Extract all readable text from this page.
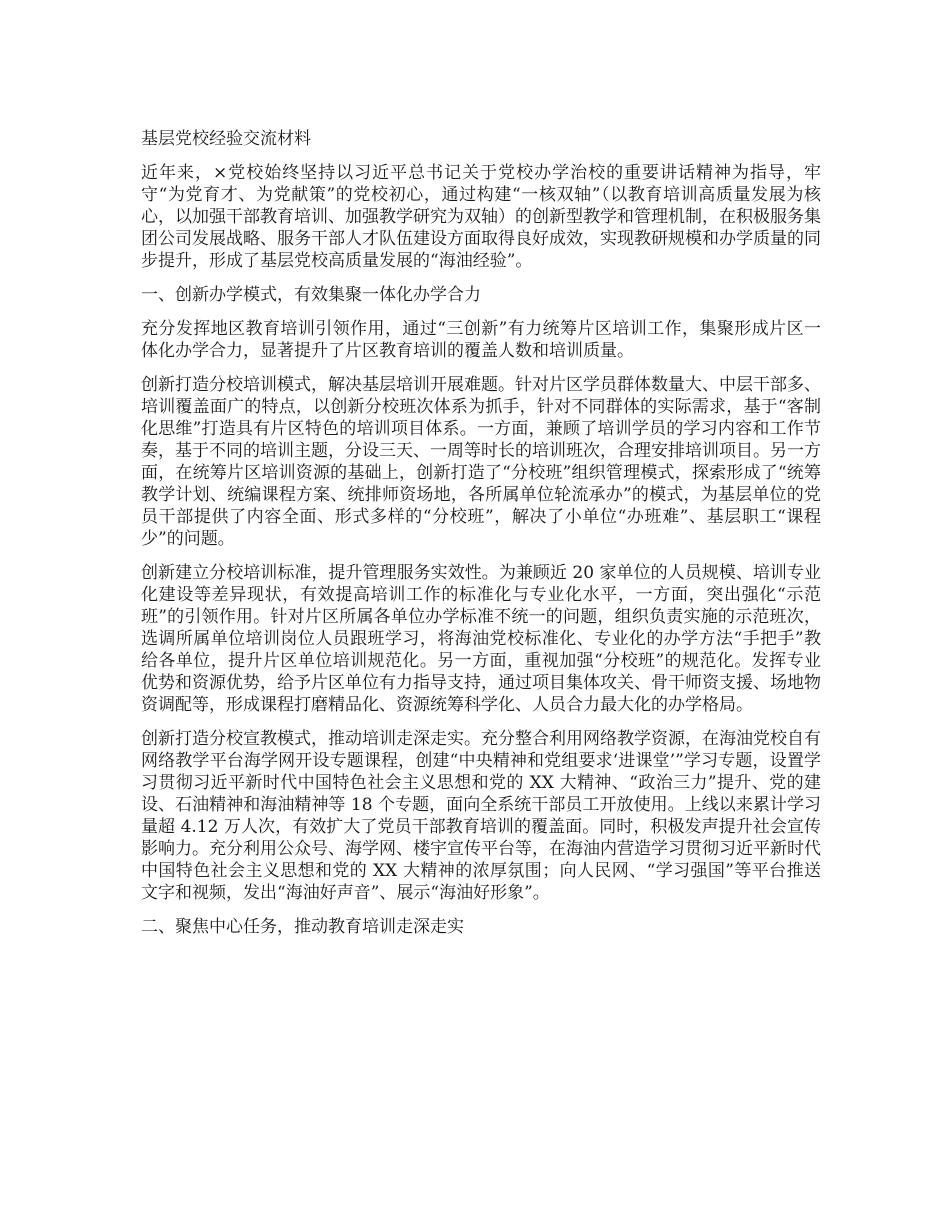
基层党校经验交流材料

近年来，×党校始终坚持以习近平总书记关于党校办学治校的重要讲话精神为指导，牢守“为党育才、为党献策”的党校初心，通过构建“一核双轴”（以教育培训高质量发展为核心，以加强干部教育培训、加强教学研究为双轴）的创新型教学和管理机制，在积极服务集团公司发展战略、服务干部人才队伍建设方面取得良好成效，实现教研规模和办学质量的同步提升，形成了基层党校高质量发展的“海油经验”。

一、创新办学模式，有效集聚一体化办学合力

充分发挥地区教育培训引领作用，通过“三创新”有力统筹片区培训工作，集聚形成片区一体化办学合力，显著提升了片区教育培训的覆盖人数和培训质量。

创新打造分校培训模式，解决基层培训开展难题。针对片区学员群体数量大、中层干部多、培训覆盖面广的特点，以创新分校班次体系为抓手，针对不同群体的实际需求，基于“客制化思维”打造具有片区特色的培训项目体系。一方面，兼顾了培训学员的学习内容和工作节奏，基于不同的培训主题，分设三天、一周等时长的培训班次，合理安排培训项目。另一方面，在统筹片区培训资源的基础上，创新打造了“分校班”组织管理模式，探索形成了“统筹教学计划、统编课程方案、统排师资场地，各所属单位轮流承办”的模式，为基层单位的党员干部提供了内容全面、形式多样的“分校班”，解决了小单位“办班难”、基层职工“课程少”的问题。

创新建立分校培训标准，提升管理服务实效性。为兼顾近 20 家单位的人员规模、培训专业化建设等差异现状，有效提高培训工作的标准化与专业化水平，一方面，突出强化“示范班”的引领作用。针对片区所属各单位办学标准不统一的问题，组织负责实施的示范班次，选调所属单位培训岗位人员跟班学习，将海油党校标准化、专业化的办学方法“手把手”教给各单位，提升片区单位培训规范化。另一方面，重视加强“分校班”的规范化。发挥专业优势和资源优势，给予片区单位有力指导支持，通过项目集体攻关、骨干师资支援、场地物资调配等，形成课程打磨精品化、资源统筹科学化、人员合力最大化的办学格局。

创新打造分校宣教模式，推动培训走深走实。充分整合利用网络教学资源，在海油党校自有网络教学平台海学网开设专题课程，创建“中央精神和党组要求‘进课堂’”学习专题，设置学习贯彻习近平新时代中国特色社会主义思想和党的 XX 大精神、“政治三力”提升、党的建设、石油精神和海油精神等 18 个专题，面向全系统干部员工开放使用。上线以来累计学习量超 4.12 万人次，有效扩大了党员干部教育培训的覆盖面。同时，积极发声提升社会宣传影响力。充分利用公众号、海学网、楼宇宣传平台等，在海油内营造学习贯彻习近平新时代中国特色社会主义思想和党的 XX 大精神的浓厚氛围；向人民网、“学习强国”等平台推送文字和视频，发出“海油好声音”、展示“海油好形象”。

二、聚焦中心任务，推动教育培训走深走实
